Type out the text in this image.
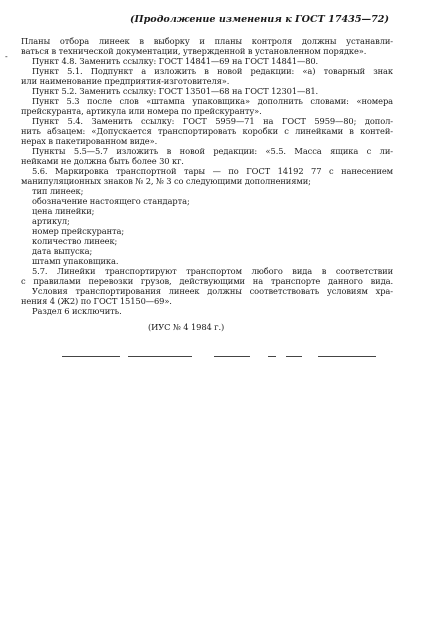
(Продолжение изменения к ГОСТ 17435—72)
-
Планы отбора линеек в выборку и планы контроля должны устанавли-
ваться в технической документации, утвержденной в установленном порядке».
Пункт 4.8. Заменить ссылку: ГОСТ 14841—69 на ГОСТ 14841—80.
Пункт 5.1. Подпункт а изложить в новой редакции: «а) товарный знак
или наименование предприятия-изготовителя».
Пункт 5.2. Заменить ссылку: ГОСТ 13501—68 на ГОСТ 12301—81.
Пункт 5.3 после слов «штампа упаковщика» дополнить словами: «номера
прейскуранта, артикула или номера по прейскуранту».
Пункт 5.4. Заменить ссылку: ГОСТ 5959—71 на ГОСТ 5959—80; допол-
нить абзацем: «Допускается транспортировать коробки с линейками в контей-
нерах в пакетированном виде».
Пункты 5.5—5.7 изложить в новой редакции: «5.5. Масса ящика с ли-
нейками не должна быть более 30 кг.
5.6. Маркировка транспортной тары — по ГОСТ 14192 77 с нанесением
манипуляционных знаков № 2, № 3 со следующими дополнениями;
тип линеек;
обозначение настоящего стандарта;
цена линейки;
артикул;
номер прейскуранта;
количество линеек;
дата выпуска;
штамп упаковщика.
5.7. Линейки транспортируют транспортом любого вида в соответствии
с правилами перевозки грузов, действующими на транспорте данного вида.
Условия транспортирования линеек должны соответствовать условиям хра-
нения 4 (Ж2) по ГОСТ 15150—69».
Раздел 6 исключить.
(ИУС № 4 1984 г.)
